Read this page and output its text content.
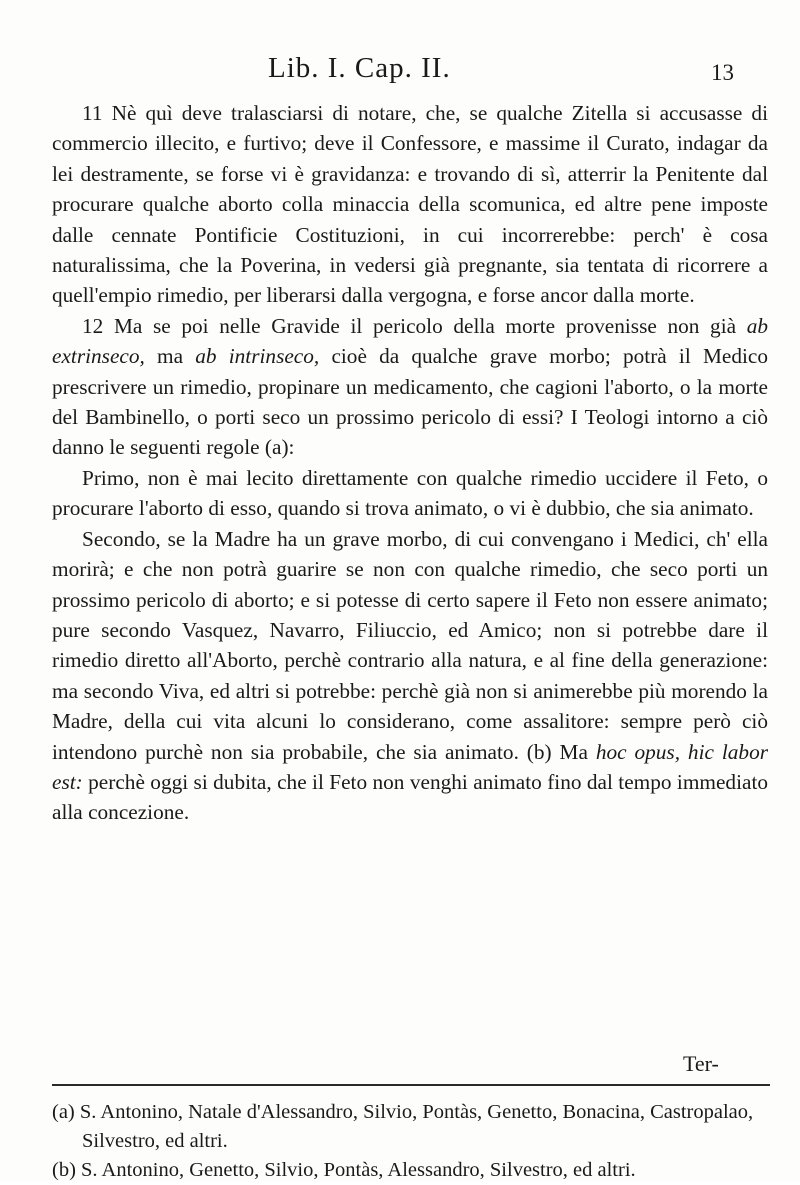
Lib. I. Cap. II.	13

11 Nè quì deve tralasciarsi di notare, che, se qualche Zitella si accusasse di commercio illecito, e furtivo; deve il Confessore, e massime il Curato, indagar da lei destramente, se forse vi è gravidanza: e trovando di sì, atterrir la Penitente dal procurare qualche aborto colla minaccia della scomunica, ed altre pene imposte dalle cennate Pontificie Costituzioni, in cui incorrerebbe: perch' è cosa naturalissima, che la Poverina, in vedersi già pregnante, sia tentata di ricorrere a quell'empio rimedio, per liberarsi dalla vergogna, e forse ancor dalla morte.

12 Ma se poi nelle Gravide il pericolo della morte provenisse non già ab extrinseco, ma ab intrinseco, cioè da qualche grave morbo; potrà il Medico prescrivere un rimedio, propinare un medicamento, che cagioni l'aborto, o la morte del Bambinello, o porti seco un prossimo pericolo di essi? I Teologi intorno a ciò danno le seguenti regole (a):

Primo, non è mai lecito direttamente con qualche rimedio uccidere il Feto, o procurare l'aborto di esso, quando si trova animato, o vi è dubbio, che sia animato.

Secondo, se la Madre ha un grave morbo, di cui convengano i Medici, ch' ella morirà; e che non potrà guarire se non con qualche rimedio, che seco porti un prossimo pericolo di aborto; e si potesse di certo sapere il Feto non essere animato; pure secondo Vasquez, Navarro, Filiuccio, ed Amico; non si potrebbe dare il rimedio diretto all'Aborto, perchè contrario alla natura, e al fine della generazione: ma secondo Viva, ed altri si potrebbe: perchè già non si animerebbe più morendo la Madre, della cui vita alcuni lo considerano, come assalitore: sempre però ciò intendono purchè non sia probabile, che sia animato. (b) Ma hoc opus, hic labor est: perchè oggi si dubita, che il Feto non venghi animato fino dal tempo immediato alla concezione.

Ter-

(a) S. Antonino, Natale d'Alessandro, Silvio, Pontàs, Genetto, Bonacina, Castropalao, Silvestro, ed altri.

(b) S. Antonino, Genetto, Silvio, Pontàs, Alessandro, Silvestro, ed altri.
